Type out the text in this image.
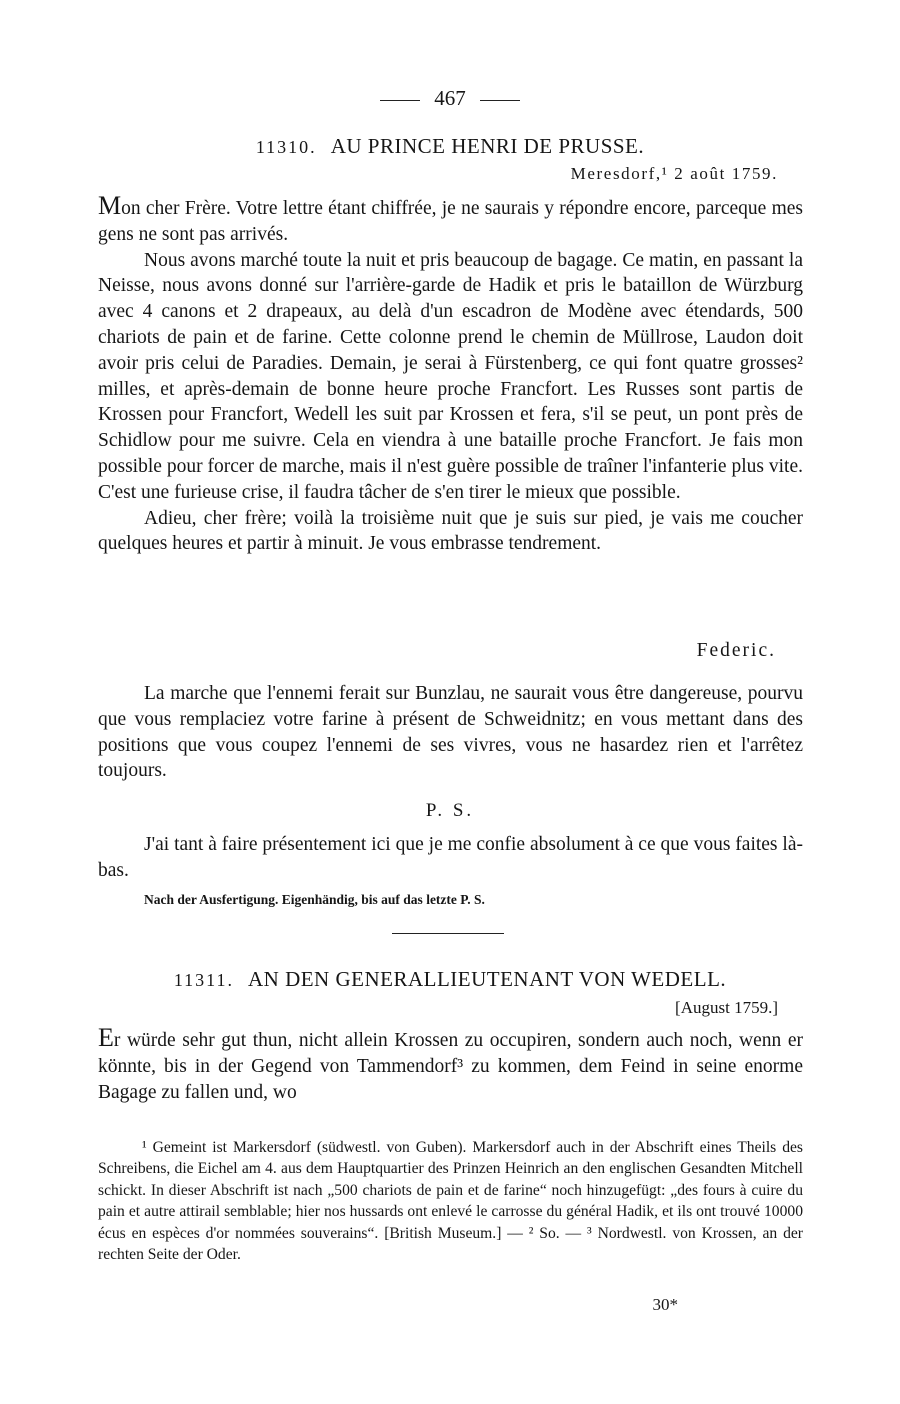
467
11310. AU PRINCE HENRI DE PRUSSE.
Meresdorf,¹ 2 août 1759.

Mon cher Frère. Votre lettre étant chiffrée, je ne saurais y répondre encore, parceque mes gens ne sont pas arrivés.

Nous avons marché toute la nuit et pris beaucoup de bagage. Ce matin, en passant la Neisse, nous avons donné sur l'arrière-garde de Hadik et pris le bataillon de Würzburg avec 4 canons et 2 drapeaux, au delà d'un escadron de Modène avec étendards, 500 chariots de pain et de farine. Cette colonne prend le chemin de Müllrose, Laudon doit avoir pris celui de Paradies. Demain, je serai à Fürstenberg, ce qui font quatre grosses² milles, et après-demain de bonne heure proche Francfort. Les Russes sont partis de Krossen pour Francfort, Wedell les suit par Krossen et fera, s'il se peut, un pont près de Schidlow pour me suivre. Cela en viendra à une bataille proche Francfort. Je fais mon possible pour forcer de marche, mais il n'est guère possible de traîner l'infanterie plus vite. C'est une furieuse crise, il faudra tâcher de s'en tirer le mieux que possible.

Adieu, cher frère; voilà la troisième nuit que je suis sur pied, je vais me coucher quelques heures et partir à minuit. Je vous embrasse tendrement.

Federic.

La marche que l'ennemi ferait sur Bunzlau, ne saurait vous être dangereuse, pourvu que vous remplaciez votre farine à présent de Schweidnitz; en vous mettant dans des positions que vous coupez l'ennemi de ses vivres, vous ne hasardez rien et l'arrêtez toujours.

P. S.

J'ai tant à faire présentement ici que je me confie absolument à ce que vous faites là-bas.

Nach der Ausfertigung. Eigenhändig, bis auf das letzte P. S.
11311. AN DEN GENERALLIEUTENANT VON WEDELL.
[August 1759.]

Er würde sehr gut thun, nicht allein Krossen zu occupiren, sondern auch noch, wenn er könnte, bis in der Gegend von Tammendorf³ zu kommen, dem Feind in seine enorme Bagage zu fallen und, wo

¹ Gemeint ist Markersdorf (südwestl. von Guben). Markersdorf auch in der Abschrift eines Theils des Schreibens, die Eichel am 4. aus dem Hauptquartier des Prinzen Heinrich an den englischen Gesandten Mitchell schickt. In dieser Abschrift ist nach „500 chariots de pain et de farine“ noch hinzugefügt: „des fours à cuire du pain et autre attirail semblable; hier nos hussards ont enlevé le carrosse du général Hadik, et ils ont trouvé 10000 écus en espèces d'or nommées souverains“. [British Museum.] — ² So. — ³ Nordwestl. von Krossen, an der rechten Seite der Oder.

30*
